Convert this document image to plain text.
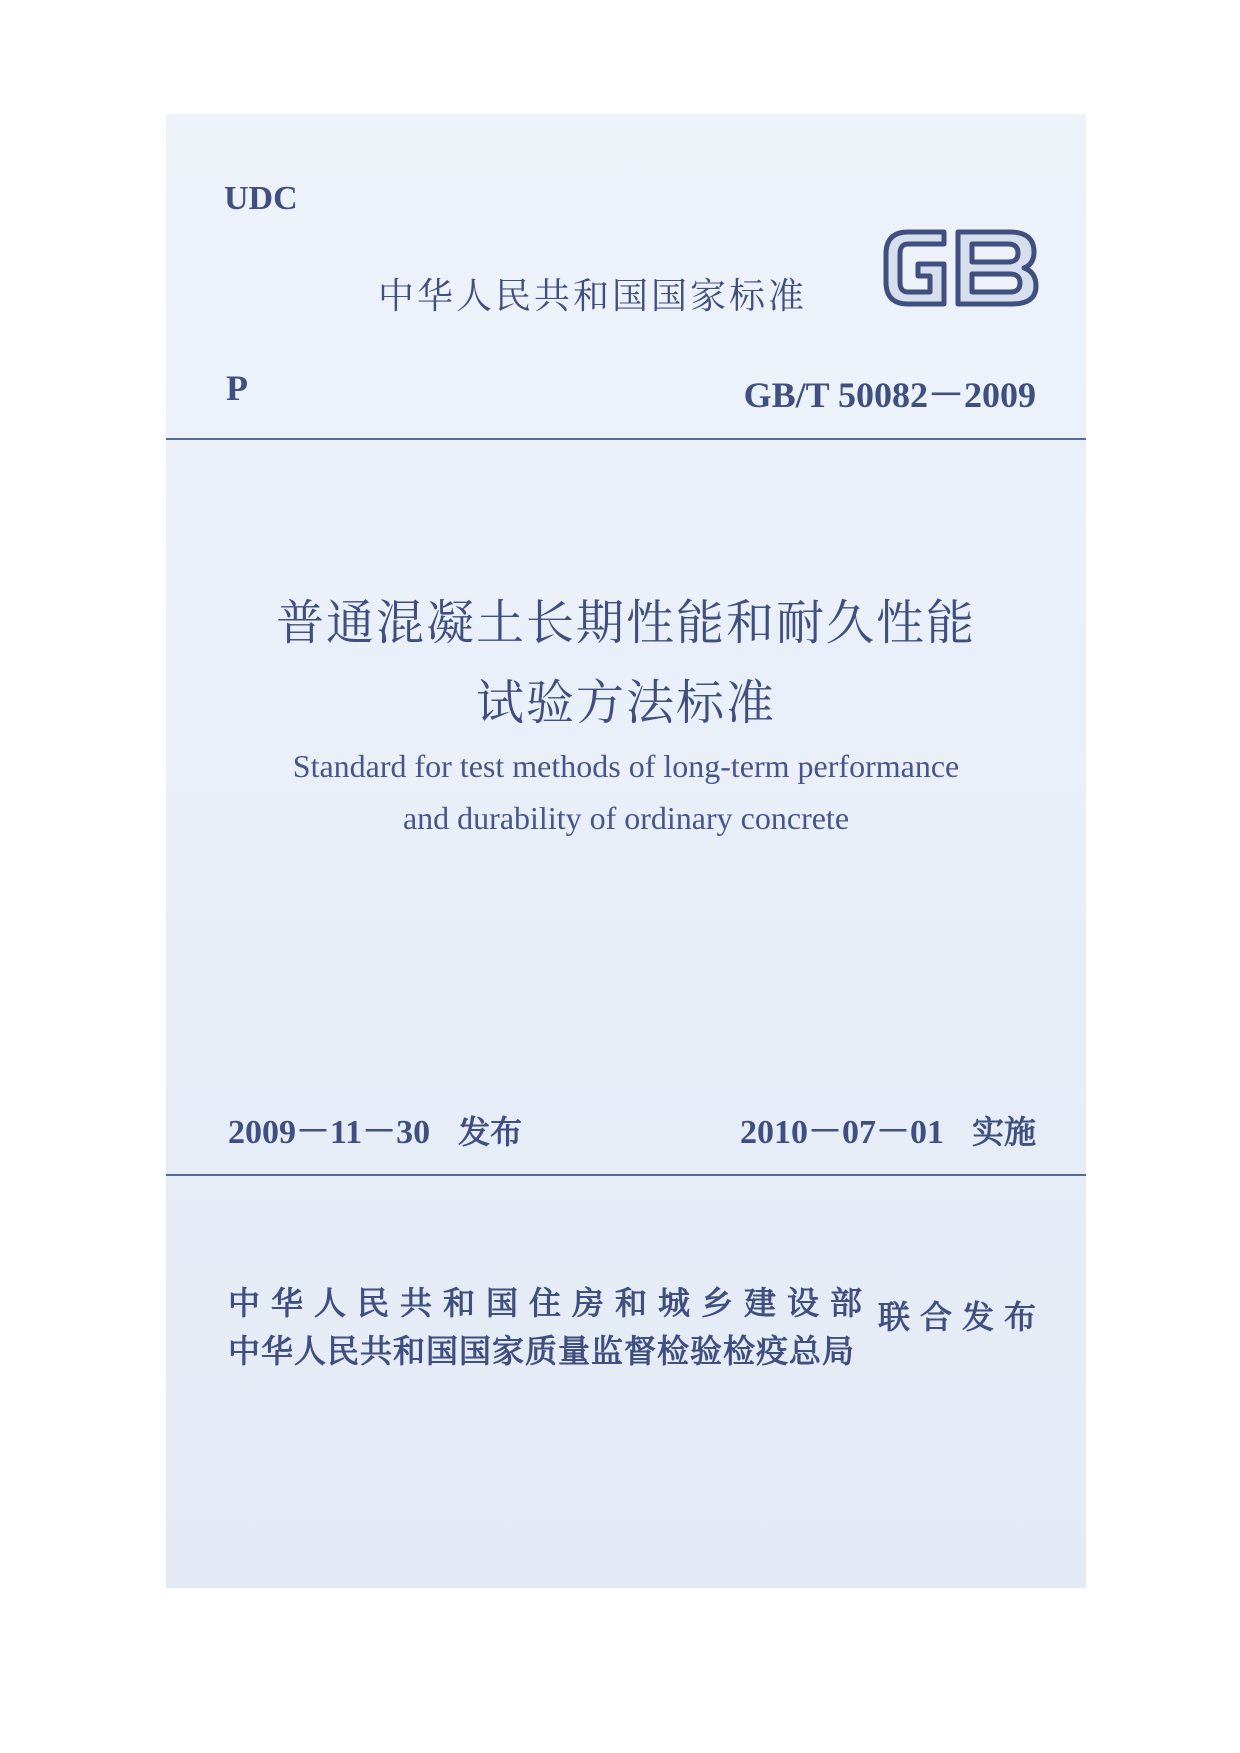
UDC
中华人民共和国国家标准
P	GB/T 50082－2009
普通混凝土长期性能和耐久性能
试验方法标准
Standard for test methods of long-term performance
and durability of ordinary concrete
2009－11－30 发布	2010－07－01 实施
中华人民共和国住房和城乡建设部
中华人民共和国国家质量监督检验检疫总局
联合发布
